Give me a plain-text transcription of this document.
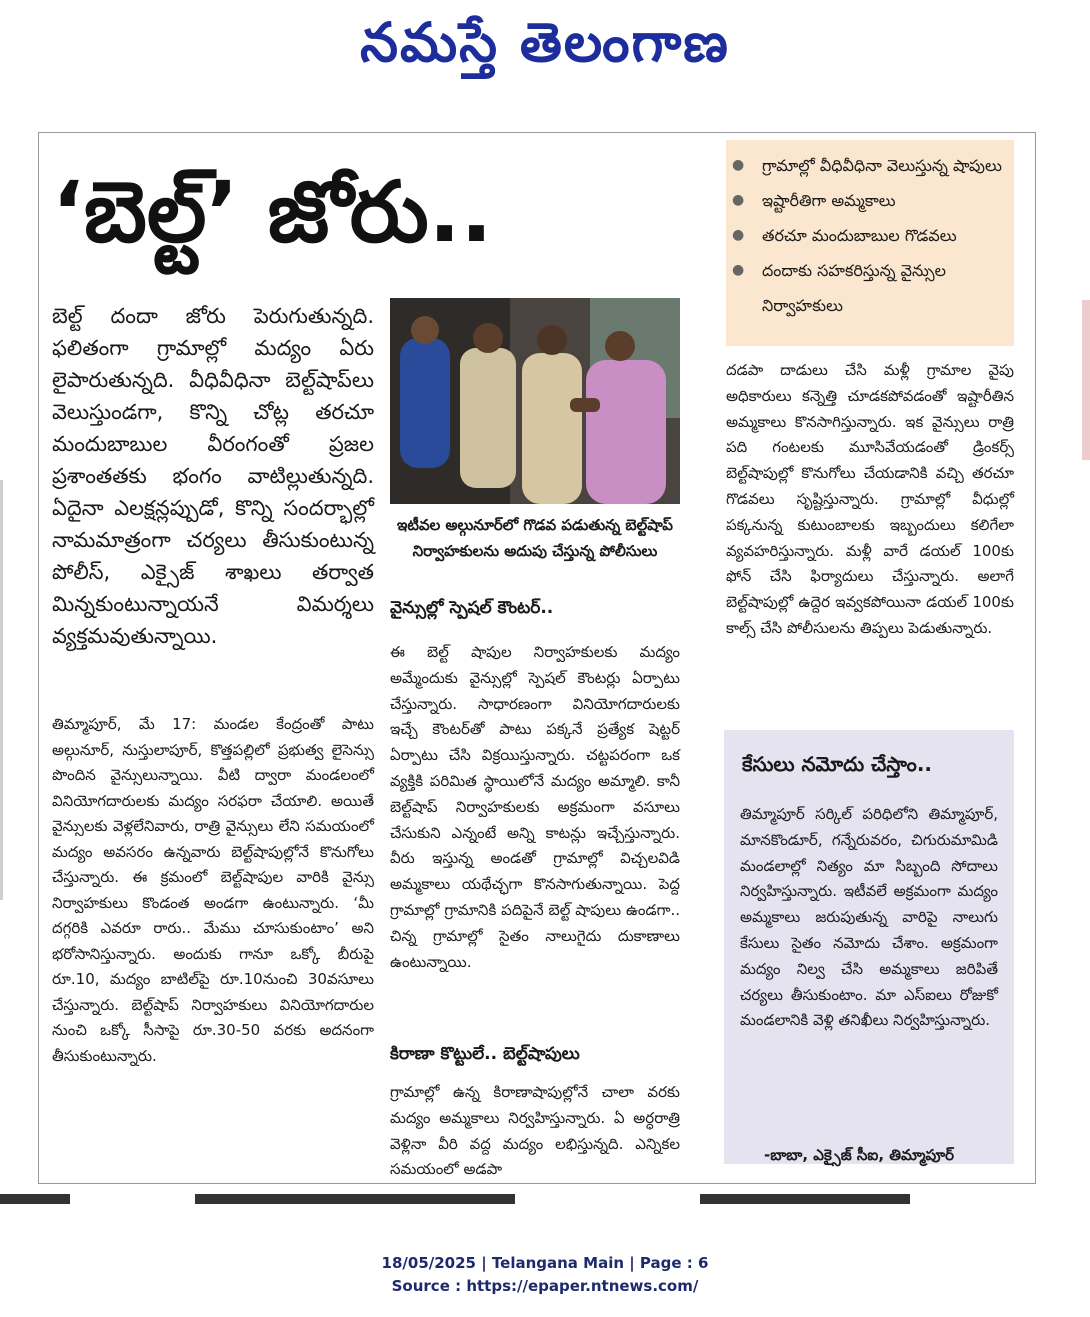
నమస్తే తెలంగాణ
‘బెల్ట్’ జోరు..	● గ్రామాల్లో వీధివీధినా వెలుస్తున్న షాపులు
● ఇష్టారీతిగా అమ్మకాలు
● తరచూ మందుబాబుల గొడవలు
● దందాకు సహకరిస్తున్న వైన్సుల నిర్వాహకులు
బెల్ట్ దందా జోరు పెరుగుతున్నది. ఫలితంగా గ్రామాల్లో మద్యం ఏరు లైపారుతున్నది. వీధివీధినా బెల్ట్‌షాప్‌లు వెలుస్తుండగా, కొన్ని చోట్ల తరచూ మందుబాబుల వీరంగంతో ప్రజల ప్రశాంతతకు భంగం వాటిల్లుతున్నది. ఏదైనా ఎలక్షన్లప్పుడో, కొన్ని సందర్భాల్లో నామమాత్రంగా చర్యలు తీసుకుంటున్న పోలీస్, ఎక్సైజ్ శాఖలు తర్వాత మిన్నకుంటున్నాయనే విమర్శలు వ్యక్తమవుతున్నాయి.
తిమ్మాపూర్, మే 17: మండల కేంద్రంతో పాటు అల్గునూర్, నుస్తులాపూర్, కొత్తపల్లిలో ప్రభుత్వ లైసెన్సు పొందిన వైన్సులున్నాయి. వీటి ద్వారా మండలంలో వినియోగదారులకు మద్యం సరఫరా చేయాలి. అయితే వైన్సులకు వెళ్లలేనివారు, రాత్రి వైన్సులు లేని సమయంలో మద్యం అవసరం ఉన్నవారు బెల్ట్‌షాపుల్లోనే కొనుగోలు చేస్తున్నారు. ఈ క్రమంలో బెల్ట్‌షాపుల వారికి వైన్సు నిర్వాహకులు కొండంత అండగా ఉంటున్నారు. ‘మీ దగ్గరికి ఎవరూ రారు.. మేము చూసుకుంటాం’ అని భరోసానిస్తున్నారు. అందుకు గానూ ఒక్కో బీరుపై రూ.10, మద్యం బాటిల్‌పై రూ.10నుంచి 30వసూలు చేస్తున్నారు. బెల్ట్‌షాప్ నిర్వాహకులు వినియోగదారుల నుంచి ఒక్కో సీసాపై రూ.30-50 వరకు అదనంగా తీసుకుంటున్నారు.
ఇటీవల అల్గునూర్‌లో గొడవ పడుతున్న బెల్ట్‌షాప్ నిర్వాహకులను అదుపు చేస్తున్న పోలీసులు
వైన్సుల్లో స్పెషల్ కౌంటర్..
ఈ బెల్ట్ షాపుల నిర్వాహకులకు మద్యం అమ్మేందుకు వైన్సుల్లో స్పెషల్ కౌంటర్లు ఏర్పాటు చేస్తున్నారు. సాధారణంగా వినియోగదారులకు ఇచ్చే కౌంటర్‌తో పాటు పక్కనే ప్రత్యేక షెట్టర్ ఏర్పాటు చేసి విక్రయిస్తున్నారు. చట్టపరంగా ఒక వ్యక్తికి పరిమిత స్థాయిలోనే మద్యం అమ్మాలి. కానీ బెల్ట్‌షాప్ నిర్వాహకులకు అక్రమంగా వసూలు చేసుకుని ఎన్నంటే అన్ని కాటన్లు ఇచ్చేస్తున్నారు. వీరు ఇస్తున్న అండతో గ్రామాల్లో విచ్చలవిడి అమ్మకాలు యథేచ్ఛగా కొనసాగుతున్నాయి. పెద్ద గ్రామాల్లో గ్రామానికి పదిపైనే బెల్ట్ షాపులు ఉండగా.. చిన్న గ్రామాల్లో సైతం నాలుగైదు దుకాణాలు ఉంటున్నాయి.
కిరాణా కొట్టులే.. బెల్ట్‌షాపులు
గ్రామాల్లో ఉన్న కిరాణాషాపుల్లోనే చాలా వరకు మద్యం అమ్మకాలు నిర్వహిస్తున్నారు. ఏ అర్ధరాత్రి వెళ్లినా వీరి వద్ద మద్యం లభిస్తున్నది. ఎన్నికల సమయంలో అడపా
దడపా దాడులు చేసి మళ్లీ గ్రామాల వైపు అధికారులు కన్నెత్తి చూడకపోవడంతో ఇష్టారీతిన అమ్మకాలు కొనసాగిస్తున్నారు. ఇక వైన్సులు రాత్రి పది గంటలకు మూసివేయడంతో డ్రింకర్స్ బెల్ట్‌షాపుల్లో కొనుగోలు చేయడానికి వచ్చి తరచూ గొడవలు సృష్టిస్తున్నారు. గ్రామాల్లో వీధుల్లో పక్కనున్న కుటుంబాలకు ఇబ్బందులు కలిగేలా వ్యవహరిస్తున్నారు. మళ్లీ వారే డయల్ 100కు ఫోన్ చేసి ఫిర్యాదులు చేస్తున్నారు. అలాగే బెల్ట్‌షాపుల్లో ఉద్దెర ఇవ్వకపోయినా డయల్ 100కు కాల్స్ చేసి పోలీసులను తిప్పలు పెడుతున్నారు.
కేసులు నమోదు చేస్తాం..
తిమ్మాపూర్ సర్కిల్ పరిధిలోని తిమ్మాపూర్, మానకొండూర్, గన్నేరువరం, చిగురుమామిడి మండలాల్లో నిత్యం మా సిబ్బంది సోదాలు నిర్వహిస్తున్నారు. ఇటీవలే అక్రమంగా మద్యం అమ్మకాలు జరుపుతున్న వారిపై నాలుగు కేసులు సైతం నమోదు చేశాం. అక్రమంగా మద్యం నిల్వ చేసి అమ్మకాలు జరిపితే చర్యలు తీసుకుంటాం. మా ఎస్‌ఐలు రోజుకో మండలానికి వెళ్లి తనిఖీలు నిర్వహిస్తున్నారు.
-బాబా, ఎక్సైజ్ సీఐ, తిమ్మాపూర్
18/05/2025 | Telangana Main | Page : 6
Source : https://epaper.ntnews.com/
